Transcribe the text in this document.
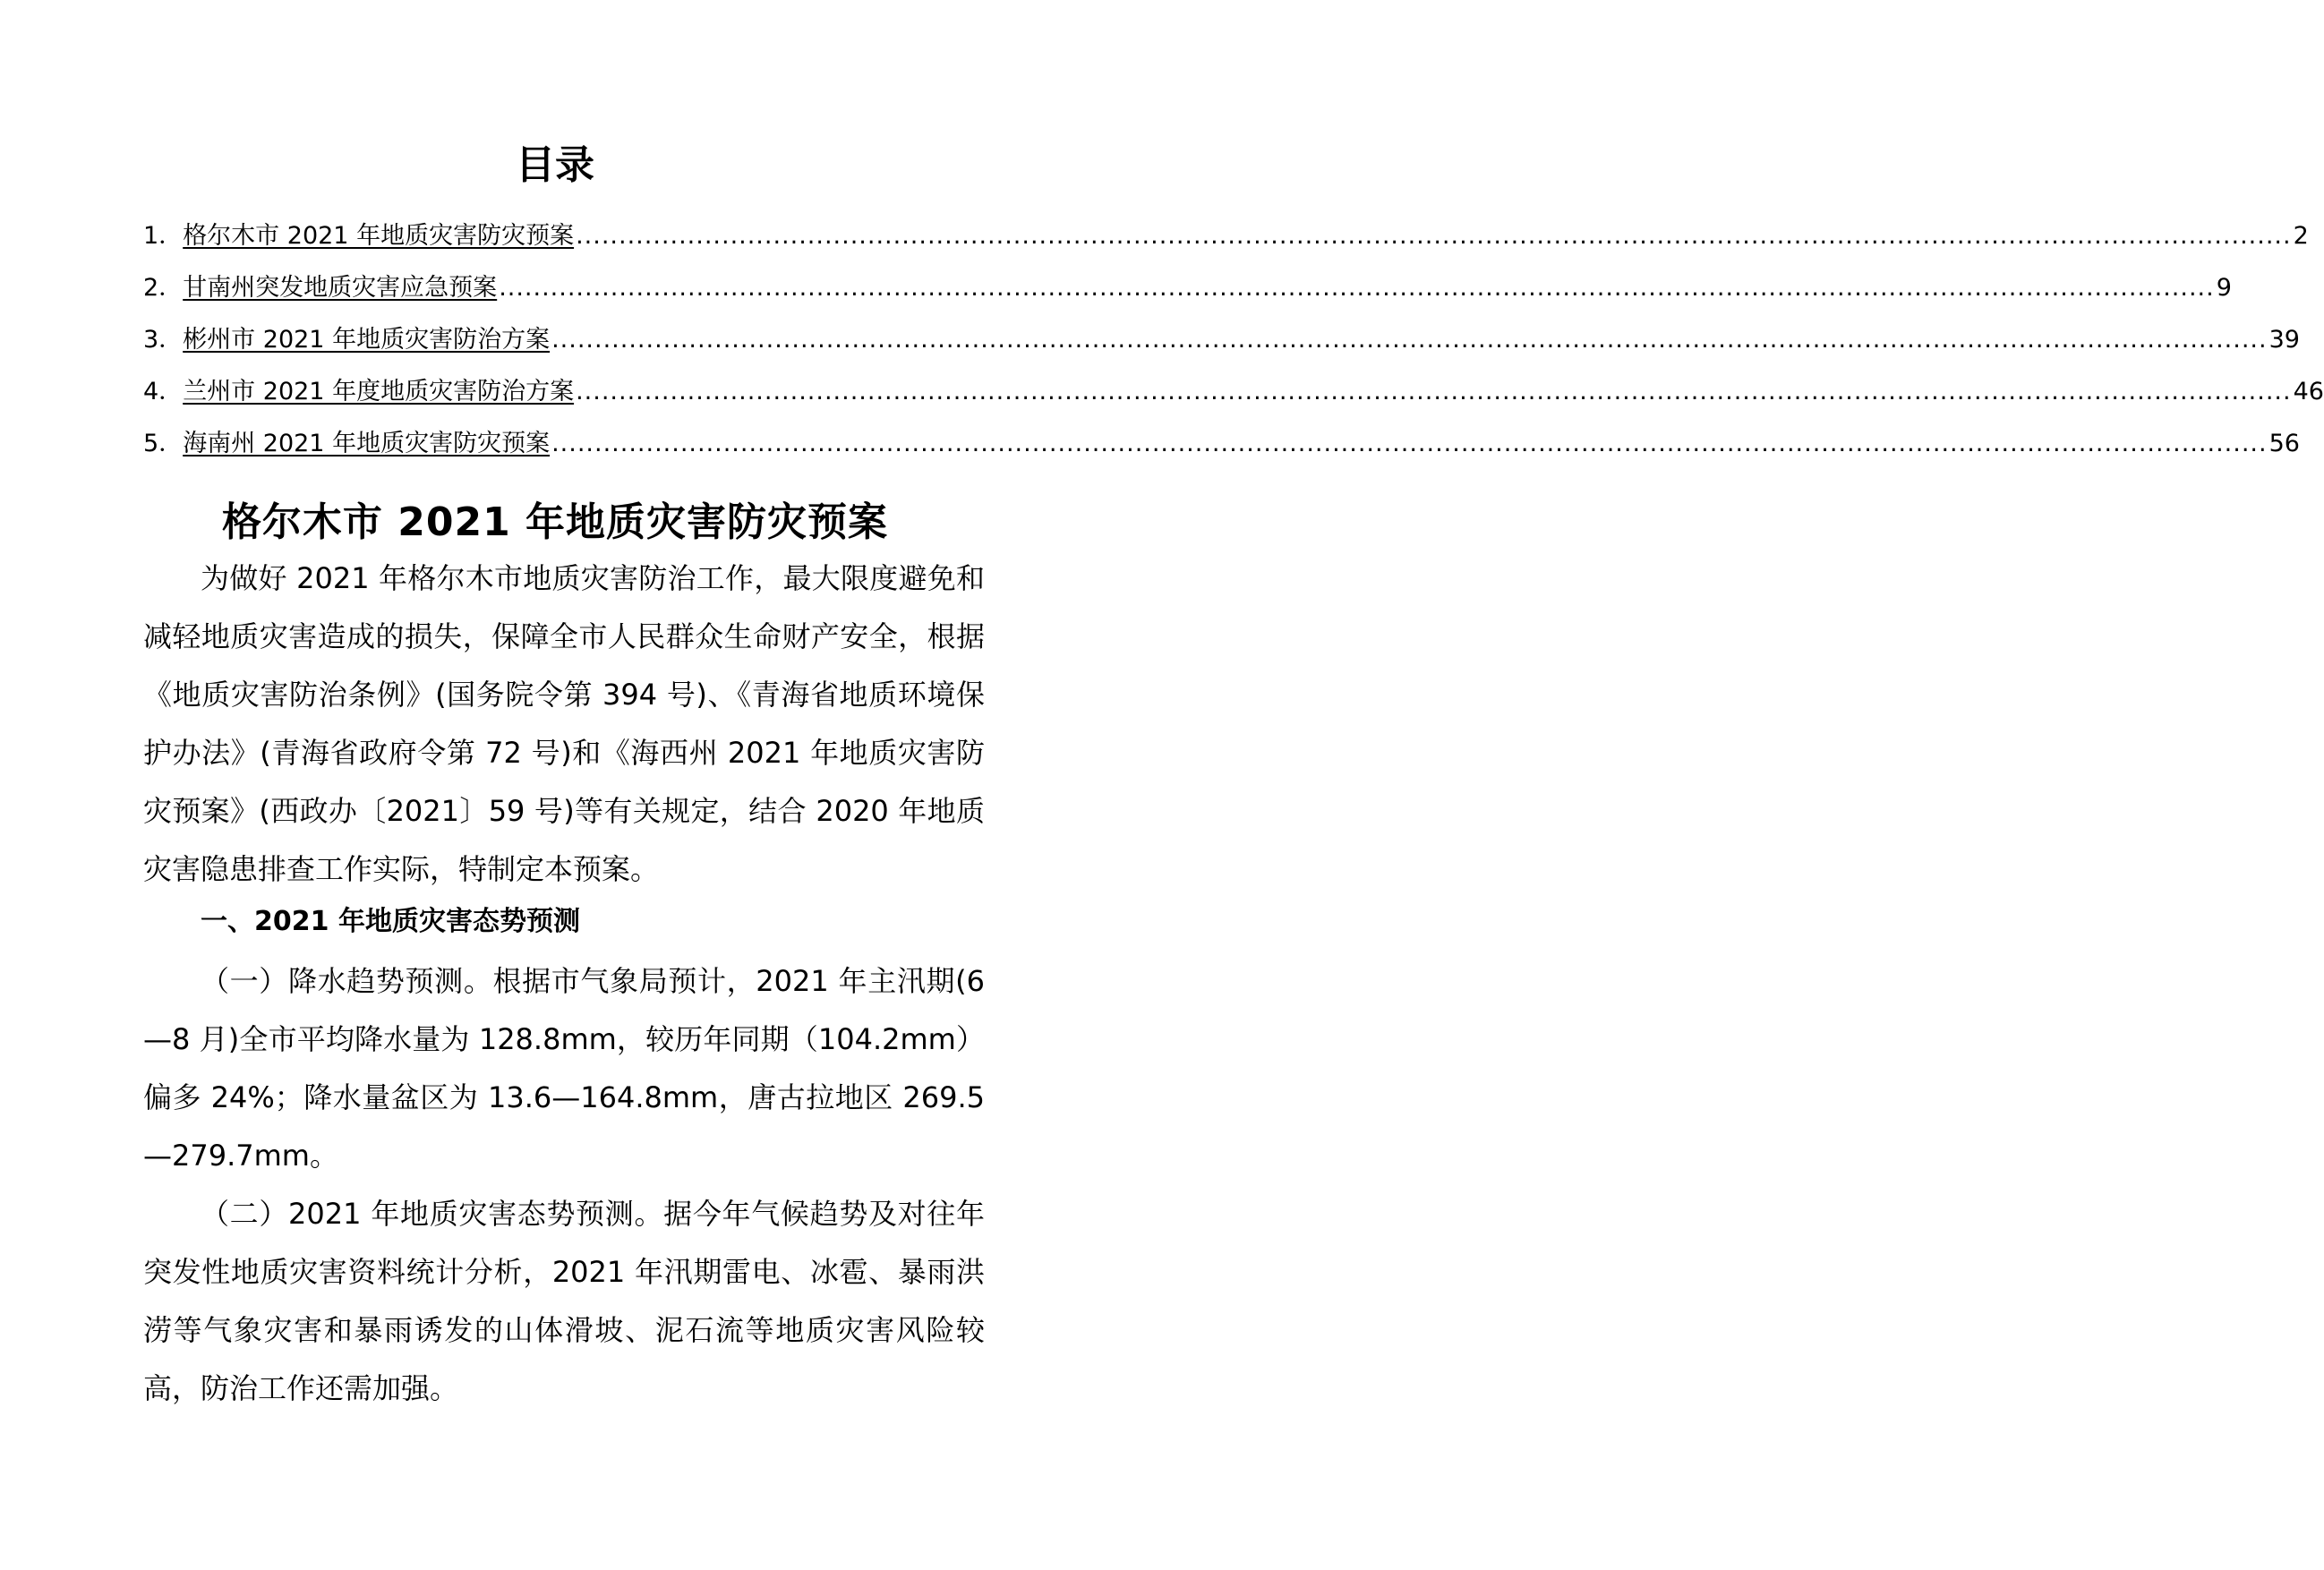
目录
1． 格尔木市 2021 年地质灾害防灾预案 ........................................................................................................................................................................................................ 2
2． 甘南州突发地质灾害应急预案 ........................................................................................................................................................................................................ 9
3． 彬州市 2021 年地质灾害防治方案 ........................................................................................................................................................................................................ 39
4． 兰州市 2021 年度地质灾害防治方案 ........................................................................................................................................................................................................ 46
5． 海南州 2021 年地质灾害防灾预案 ........................................................................................................................................................................................................ 56
格尔木市 2021 年地质灾害防灾预案
为做好 2021 年格尔木市地质灾害防治工作，最大限度避免和减轻地质灾害造成的损失，保障全市人民群众生命财产安全，根据《地质灾害防治条例》(国务院令第 394 号)、《青海省地质环境保护办法》(青海省政府令第 72 号)和《海西州 2021 年地质灾害防灾预案》(西政办〔2021〕59 号)等有关规定，结合 2020 年地质灾害隐患排查工作实际，特制定本预案。
一、2021 年地质灾害态势预测
（一）降水趋势预测。根据市气象局预计，2021 年主汛期(6—8 月)全市平均降水量为 128.8mm，较历年同期（104.2mm）偏多 24%；降水量盆区为 13.6—164.8mm，唐古拉地区 269.5—279.7mm。
（二）2021 年地质灾害态势预测。据今年气候趋势及对往年突发性地质灾害资料统计分析，2021 年汛期雷电、冰雹、暴雨洪涝等气象灾害和暴雨诱发的山体滑坡、泥石流等地质灾害风险较高，防治工作还需加强。
